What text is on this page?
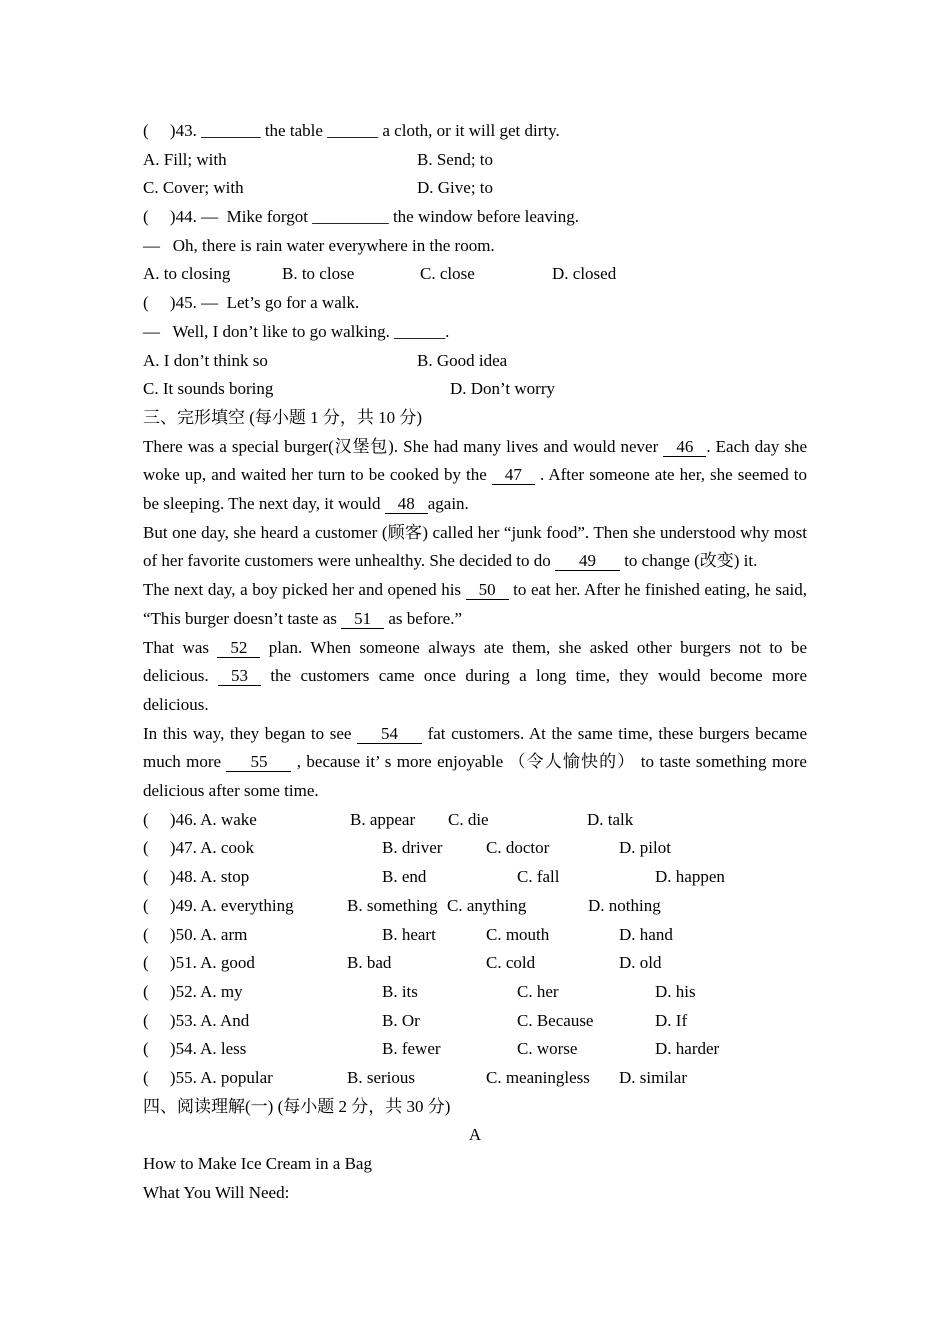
(     )43. _______ the table ______ a cloth, or it will get dirty.

A. Fill; with	B. Send; to
C. Cover; with	D. Give; to

(     )44. —  Mike forgot _________ the window before leaving.

—   Oh, there is rain water everywhere in the room.

A. to closing	B. to close	C. close	D. closed

(     )45. —  Let’s go for a walk.

—   Well, I don’t like to go walking. ______.

A. I don’t think so	B. Good idea
C. It sounds boring	D. Don’t worry

三、完形填空 (每小题 1 分，共 10 分)

There was a special burger(汉堡包). She had many lives and would never 46 . Each day she woke up, and waited her turn to be cooked by the 47 . After someone ate her, she seemed to be sleeping. The next day, it would 48 again.

But one day, she heard a customer (顾客) called her “junk food”. Then she understood why most of her favorite customers were unhealthy. She decided to do 49 to change (改变) it.

The next day, a boy picked her and opened his 50 to eat her. After he finished eating, he said, “This burger doesn’t taste as 51 as before.”

That was 52 plan. When someone always ate them, she asked other burgers not to be delicious. 53 the customers came once during a long time, they would become more delicious.

In this way, they began to see 54 fat customers. At the same time, these burgers became much more 55 , because it’ s more enjoyable （令人愉快的） to taste something more delicious after some time.

(     )46. A. wake	B. appear C. die	D. talk
(     )47. A. cook	B. driver	C. doctor	D. pilot
(     )48. A. stop	B. end	C. fall	D. happen
(     )49. A. everything	B. something C. anything	D. nothing
(     )50. A. arm	B. heart	C. mouth	D. hand
(     )51. A. good	B. bad	C. cold	D. old
(     )52. A. my	B. its	C. her	D. his
(     )53. A. And	B. Or	C. Because	D. If
(     )54. A. less	B. fewer	C. worse	D. harder
(     )55. A. popular	B. serious	C. meaningless D. similar

四、阅读理解(一) (每小题 2 分，共 30 分)

A

How to Make Ice Cream in a Bag

What You Will Need:
